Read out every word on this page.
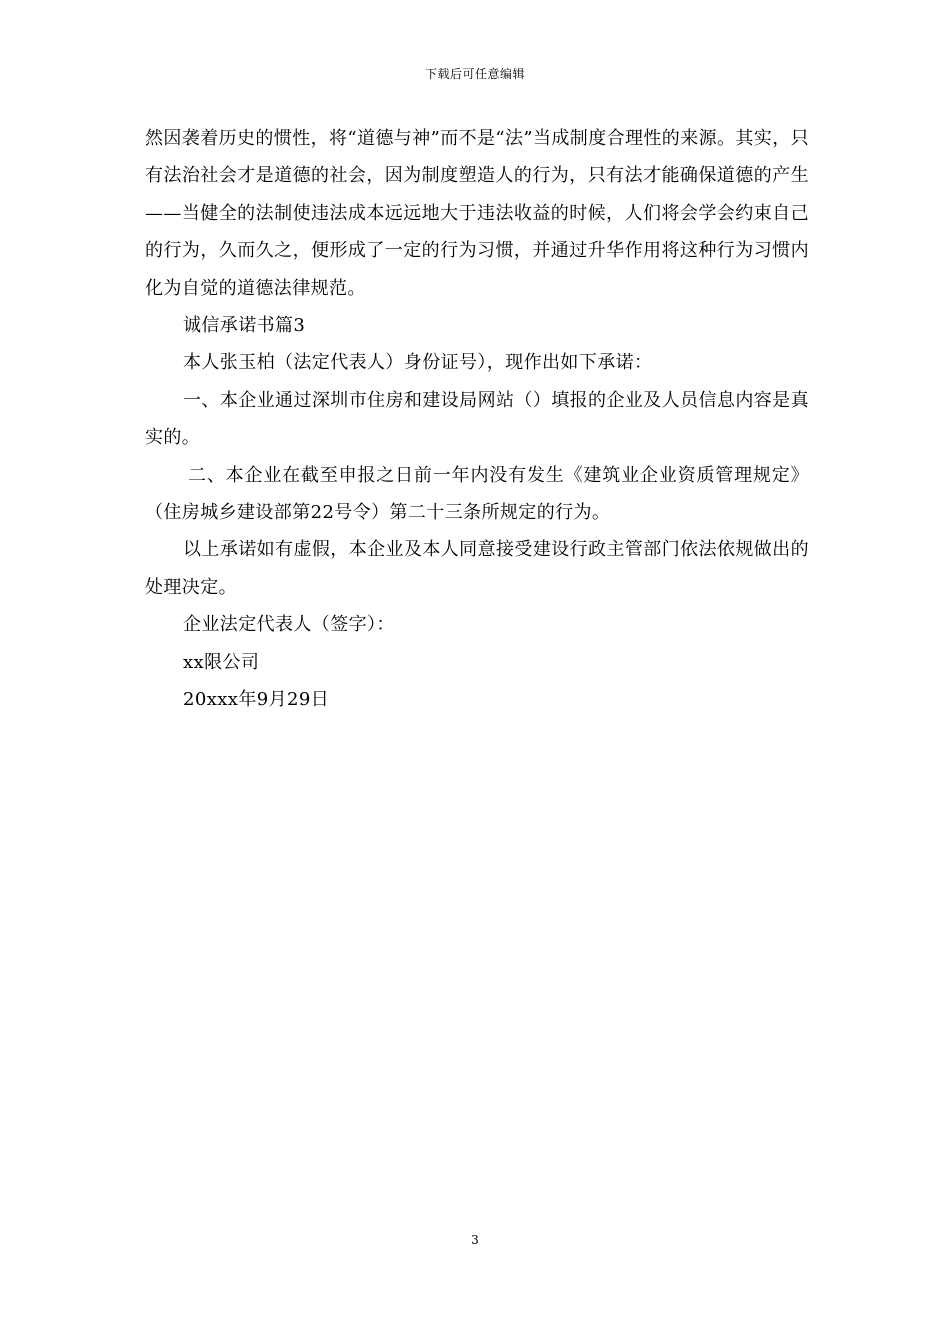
下载后可任意编辑

然因袭着历史的惯性，将“道德与神”而不是“法”当成制度合理性的来源。其实，只有法治社会才是道德的社会，因为制度塑造人的行为，只有法才能确保道德的产生——当健全的法制使违法成本远远地大于违法收益的时候，人们将会学会约束自己的行为，久而久之，便形成了一定的行为习惯，并通过升华作用将这种行为习惯内化为自觉的道德法律规范。

诚信承诺书篇3

本人张玉柏（法定代表人）身份证号），现作出如下承诺：

一、本企业通过深圳市住房和建设局网站（）填报的企业及人员信息内容是真实的。

二、本企业在截至申报之日前一年内没有发生《建筑业企业资质管理规定》（住房城乡建设部第22号令）第二十三条所规定的行为。

以上承诺如有虚假，本企业及本人同意接受建设行政主管部门依法依规做出的处理决定。

企业法定代表人（签字）：

xx限公司

20xxx年9月29日

3
